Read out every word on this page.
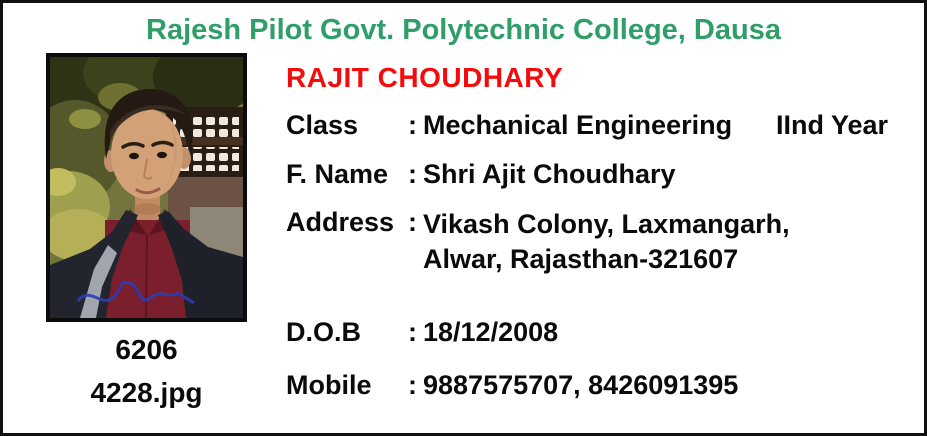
Rajesh Pilot Govt. Polytechnic College, Dausa
6206
4228.jpg
RAJIT CHOUDHARY
Class : Mechanical Engineering IInd Year
F. Name : Shri Ajit Choudhary
Address : Vikash Colony, Laxmangarh,
Alwar, Rajasthan-321607
D.O.B : 18/12/2008
Mobile : 9887575707, 8426091395
